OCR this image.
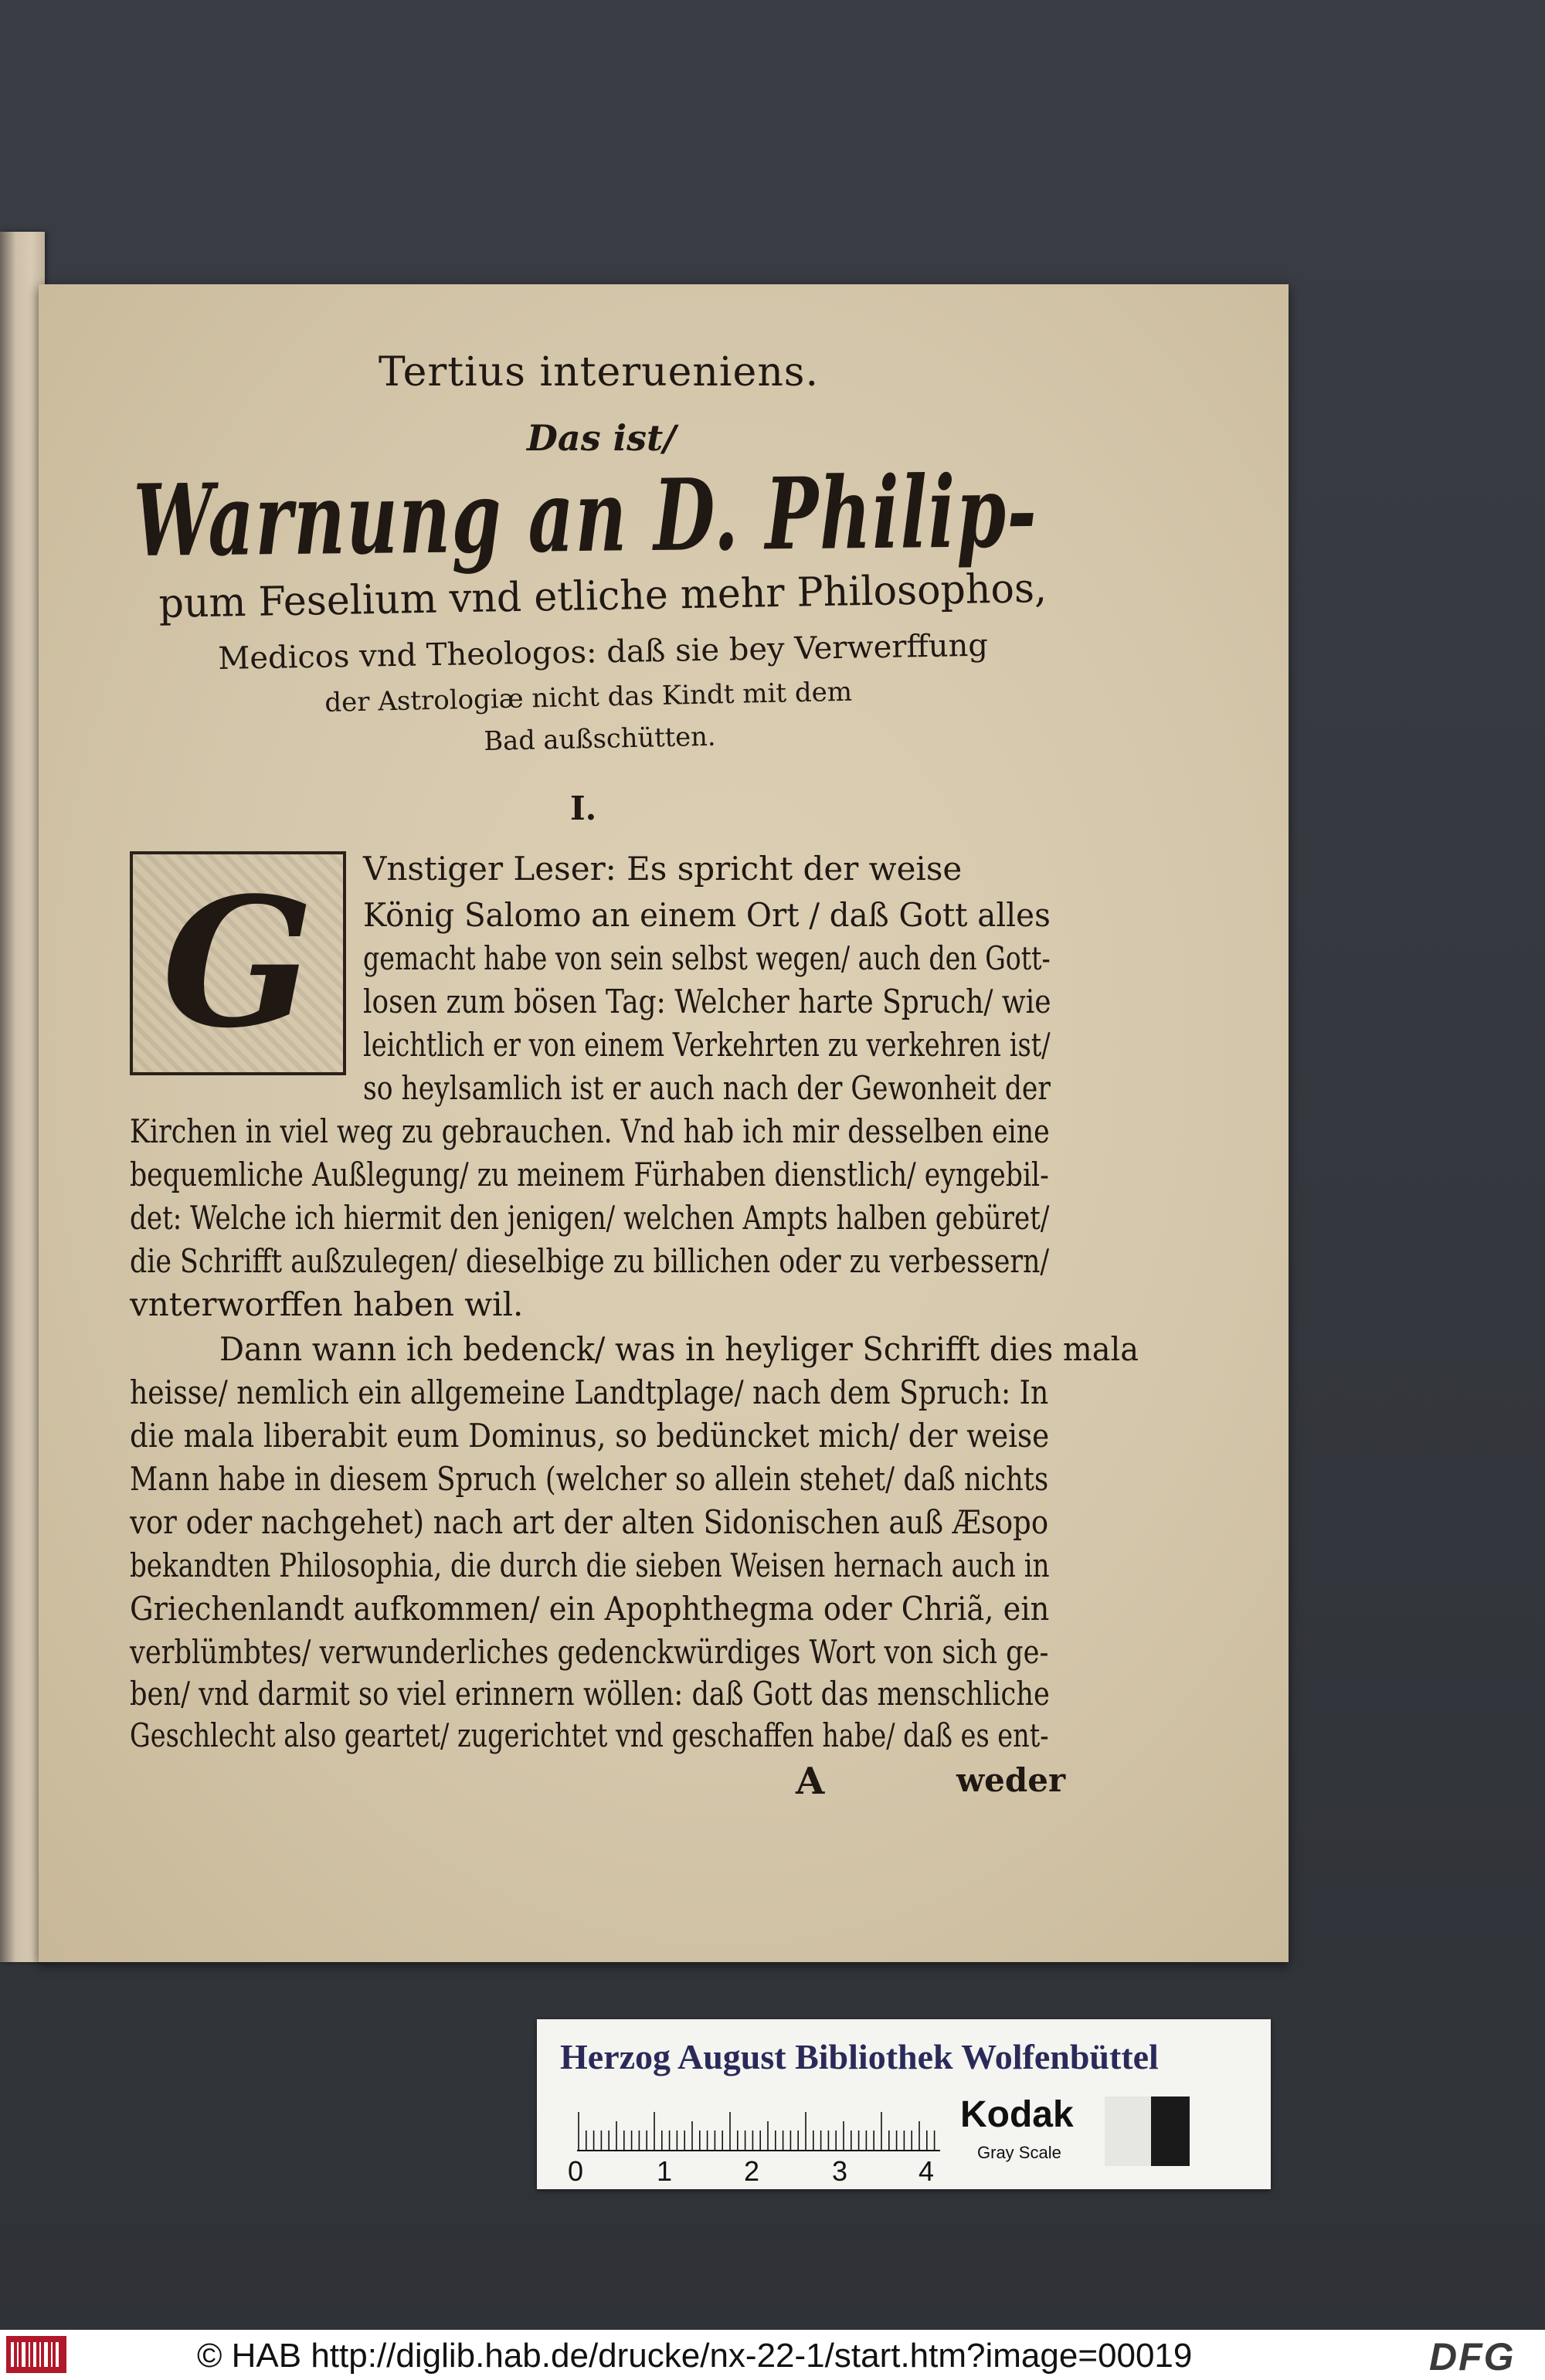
Tertius interueniens.
Das ist/
Warnung an D. Philip-
pum Feselium vnd etliche mehr Philosophos,
Medicos vnd Theologos: daß sie bey Verwerffung
der Astrologiæ nicht das Kindt mit dem
Bad außschütten.
I.
G	Vnstiger Leser: Es spricht der weise
König Salomo an einem Ort / daß Gott alles
gemacht habe von sein selbst wegen/ auch den Gott-
losen zum bösen Tag: Welcher harte Spruch/ wie
leichtlich er von einem Verkehrten zu verkehren ist/
so heylsamlich ist er auch nach der Gewonheit der
Kirchen in viel weg zu gebrauchen. Vnd hab ich mir desselben eine
bequemliche Außlegung/ zu meinem Fürhaben dienstlich/ eyngebil-
det: Welche ich hiermit den jenigen/ welchen Ampts halben gebüret/
die Schrifft außzulegen/ dieselbige zu billichen oder zu verbessern/
vnterworffen haben wil.
Dann wann ich bedenck/ was in heyliger Schrifft dies mala
heisse/ nemlich ein allgemeine Landtplage/ nach dem Spruch: In
die mala liberabit eum Dominus, so bedüncket mich/ der weise
Mann habe in diesem Spruch (welcher so allein stehet/ daß nichts
vor oder nachgehet) nach art der alten Sidonischen auß Æsopo
bekandten Philosophia, die durch die sieben Weisen hernach auch in
Griechenlandt aufkommen/ ein Apophthegma oder Chriã, ein
verblümbtes/ verwunderliches gedenckwürdiges Wort von sich ge-
ben/ vnd darmit so viel erinnern wöllen: daß Gott das menschliche
Geschlecht also geartet/ zugerichtet vnd geschaffen habe/ daß es ent-
A	weder
Herzog August Bibliothek Wolfenbüttel
0	1	2	3	4
Kodak
Gray Scale
© HAB http://diglib.hab.de/drucke/nx-22-1/start.htm?image=00019	DFG
